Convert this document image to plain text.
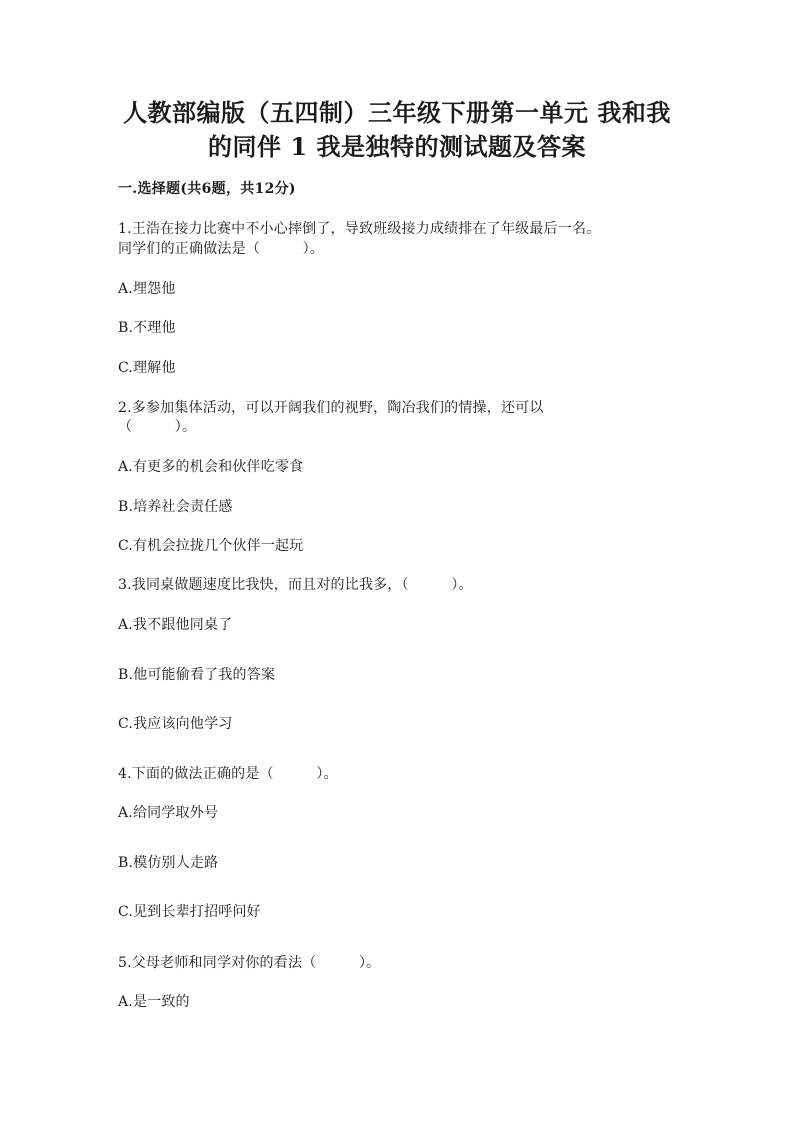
人教部编版（五四制）三年级下册第一单元 我和我
的同伴 1 我是独特的测试题及答案
一.选择题(共6题，共12分)
1.王浩在接力比赛中不小心摔倒了，导致班级接力成绩排在了年级最后一名。
同学们的正确做法是（　　　）。
A.埋怨他
B.不理他
C.理解他
2.多参加集体活动，可以开阔我们的视野，陶冶我们的情操，还可以
（　　　）。
A.有更多的机会和伙伴吃零食
B.培养社会责任感
C.有机会拉拢几个伙伴一起玩
3.我同桌做题速度比我快，而且对的比我多，（　　　）。
A.我不跟他同桌了
B.他可能偷看了我的答案
C.我应该向他学习
4.下面的做法正确的是（　　　）。
A.给同学取外号
B.模仿别人走路
C.见到长辈打招呼问好
5.父母老师和同学对你的看法（　　　）。
A.是一致的
